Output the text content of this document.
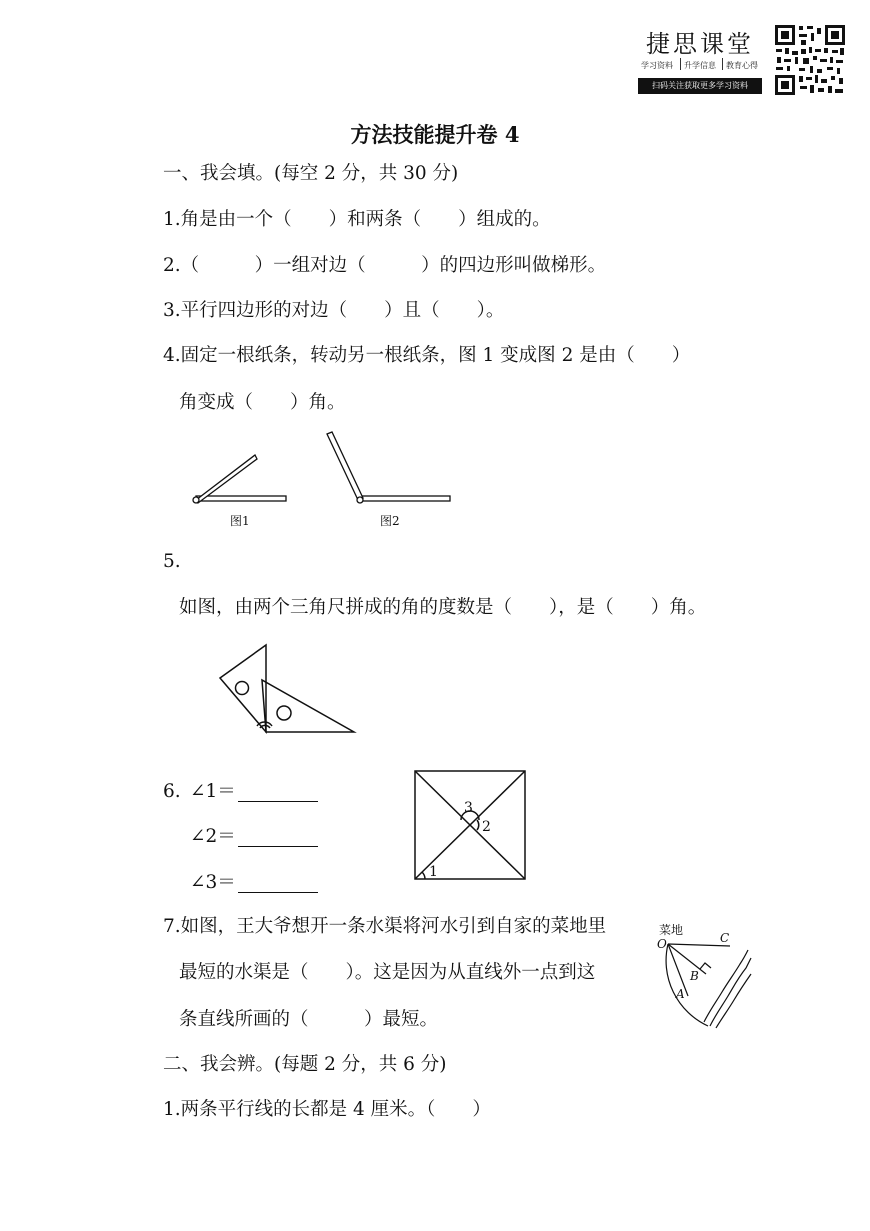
捷思课堂
学习资料 升学信息 教育心得
扫码关注获取更多学习资料
方法技能提升卷 4
一、我会填。(每空 2 分，共 30 分)
1.角是由一个（　　）和两条（　　）组成的。
2.（　　　）一组对边（　　　）的四边形叫做梯形。
3.平行四边形的对边（　　）且（　　）。
4.固定一根纸条，转动另一根纸条，图 1 变成图 2 是由（　　）
角变成（　　）角。
图1	图2
5.
如图，由两个三角尺拼成的角的度数是（　　），是（　　）角。
6. ∠1＝
∠2＝
∠3＝	1
3
2
7.如图，王大爷想开一条水渠将河水引到自家的菜地里
最短的水渠是（　　）。这是因为从直线外一点到这
条直线所画的（　　　）最短。
菜地
O	C
B
A
二、我会辨。(每题 2 分，共 6 分)
1.两条平行线的长都是 4 厘米。（　　）
